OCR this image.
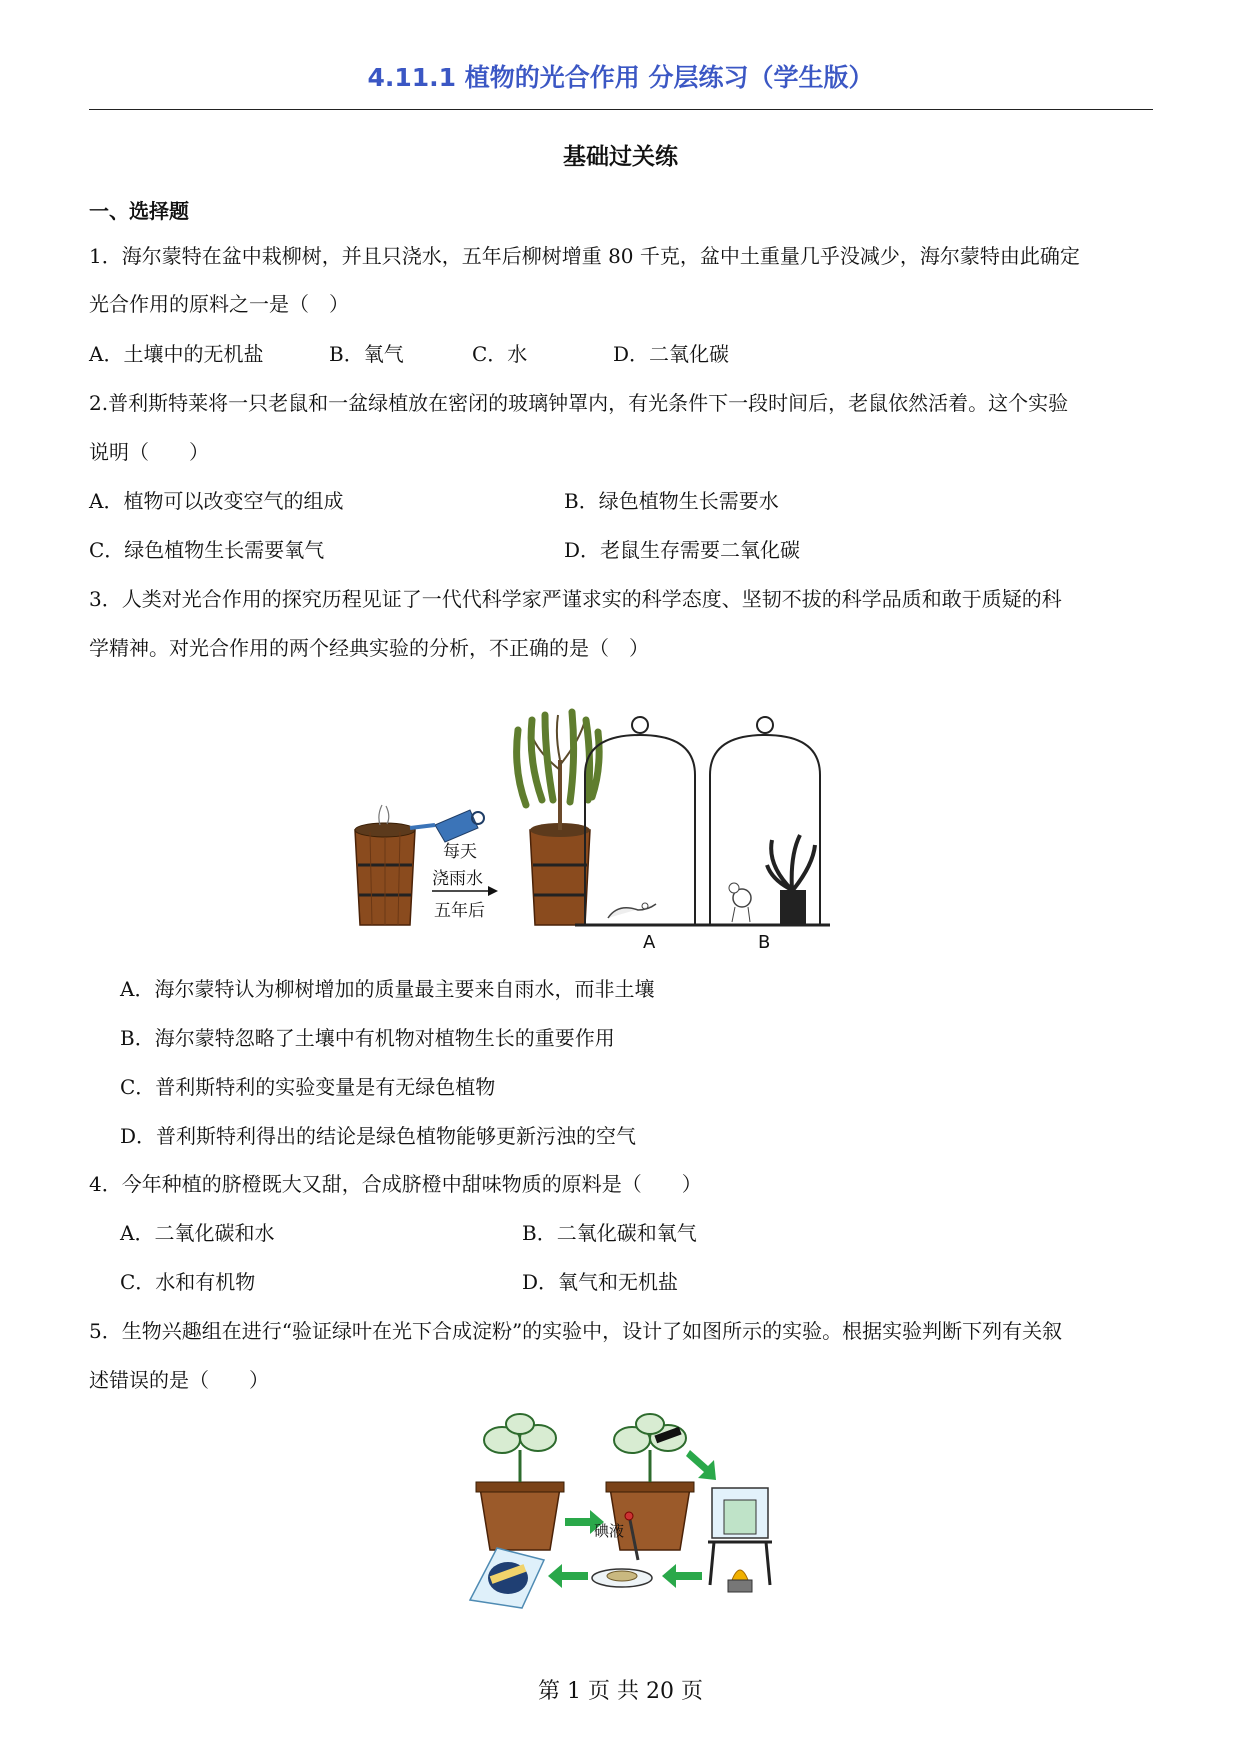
4.11.1 植物的光合作用 分层练习（学生版）
基础过关练
一、选择题
1．海尔蒙特在盆中栽柳树，并且只浇水，五年后柳树增重 80 千克，盆中土重量几乎没减少，海尔蒙特由此确定
光合作用的原料之一是（　）
A．土壤中的无机盐	B．氧气	C．水	D．二氧化碳
2.普利斯特莱将一只老鼠和一盆绿植放在密闭的玻璃钟罩内，有光条件下一段时间后，老鼠依然活着。这个实验
说明（　　）
A．植物可以改变空气的组成	B．绿色植物生长需要水
C．绿色植物生长需要氧气	D．老鼠生存需要二氧化碳
3．人类对光合作用的探究历程见证了一代代科学家严谨求实的科学态度、坚韧不拔的科学品质和敢于质疑的科
学精神。对光合作用的两个经典实验的分析，不正确的是（　）
每天
浇雨水
五年后
A	B
A．海尔蒙特认为柳树增加的质量最主要来自雨水，而非土壤
B．海尔蒙特忽略了土壤中有机物对植物生长的重要作用
C．普利斯特利的实验变量是有无绿色植物
D．普利斯特利得出的结论是绿色植物能够更新污浊的空气
4．今年种植的脐橙既大又甜，合成脐橙中甜味物质的原料是（　　）
A．二氧化碳和水	B．二氧化碳和氧气
C．水和有机物	D．氧气和无机盐
5．生物兴趣组在进行“验证绿叶在光下合成淀粉”的实验中，设计了如图所示的实验。根据实验判断下列有关叙
述错误的是（　　）
碘液
第 1 页 共 20 页
